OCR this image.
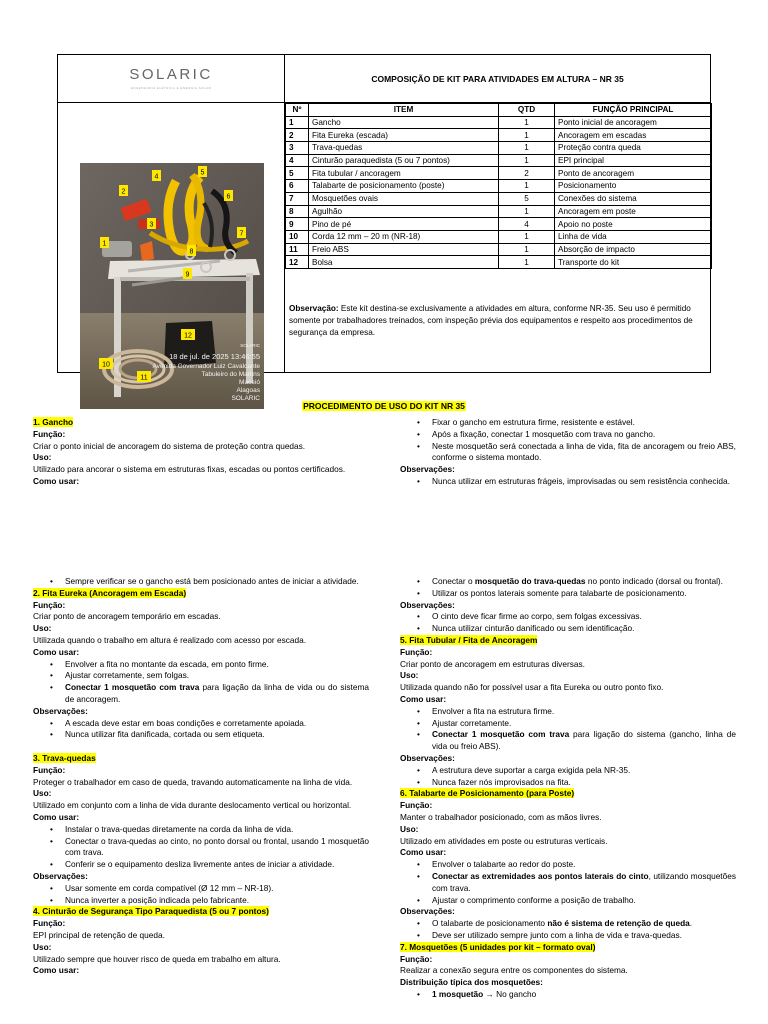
SOLARIC
ENGENHARIA ELÉTRICA E ENERGIA SOLAR
COMPOSIÇÃO DE KIT PARA ATIVIDADES EM ALTURA – NR 35
1
2
3
4
5
6
7
8
9
10
11
12
SOLARIC
18 de jul. de 2025 13:46:55
Avenida Governador Luiz Cavalcante
Tabuleiro do Martins
Maceió
Alagoas
SOLARIC
Nº	ITEM	QTD	FUNÇÃO PRINCIPAL
1	Gancho	1	Ponto inicial de ancoragem
2	Fita Eureka (escada)	1	Ancoragem em escadas
3	Trava-quedas	1	Proteção contra queda
4	Cinturão paraquedista (5 ou 7 pontos)	1	EPI principal
5	Fita tubular / ancoragem	2	Ponto de ancoragem
6	Talabarte de posicionamento (poste)	1	Posicionamento
7	Mosquetões ovais	5	Conexões do sistema
8	Agulhão	1	Ancoragem em poste
9	Pino de pé	4	Apoio no poste
10	Corda 12 mm – 20 m (NR-18)	1	Linha de vida
11	Freio ABS	1	Absorção de impacto
12	Bolsa	1	Transporte do kit
Observação: Este kit destina-se exclusivamente a atividades em altura, conforme NR-35. Seu uso é permitido somente por trabalhadores treinados, com inspeção prévia dos equipamentos e respeito aos procedimentos de segurança da empresa.
PROCEDIMENTO DE USO DO KIT NR 35
1. Gancho

Função:

Criar o ponto inicial de ancoragem do sistema de proteção contra quedas.

Uso:

Utilizado para ancorar o sistema em estruturas fixas, escadas ou pontos certificados.

Como usar:

• Fixar o gancho em estrutura firme, resistente e estável.
• Após a fixação, conectar 1 mosquetão com trava no gancho.
• Neste mosquetão será conectada a linha de vida, fita de ancoragem ou freio ABS, conforme o sistema montado.

Observações:

• Nunca utilizar em estruturas frágeis, improvisadas ou sem resistência conhecida.
• Sempre verificar se o gancho está bem posicionado antes de iniciar a atividade.
2. Fita Eureka (Ancoragem em Escada)

Função:

Criar ponto de ancoragem temporário em escadas.

Uso:

Utilizada quando o trabalho em altura é realizado com acesso por escada.

Como usar:

• Envolver a fita no montante da escada, em ponto firme.
• Ajustar corretamente, sem folgas.
• Conectar 1 mosquetão com trava para ligação da linha de vida ou do sistema de ancoragem.

Observações:

• A escada deve estar em boas condições e corretamente apoiada.
• Nunca utilizar fita danificada, cortada ou sem etiqueta.
3. Trava-quedas

Função:

Proteger o trabalhador em caso de queda, travando automaticamente na linha de vida.

Uso:

Utilizado em conjunto com a linha de vida durante deslocamento vertical ou horizontal.

Como usar:

• Instalar o trava-quedas diretamente na corda da linha de vida.
• Conectar o trava-quedas ao cinto, no ponto dorsal ou frontal, usando 1 mosquetão com trava.
• Conferir se o equipamento desliza livremente antes de iniciar a atividade.

Observações:

• Usar somente em corda compatível (Ø 12 mm – NR-18).
• Nunca inverter a posição indicada pelo fabricante.
4. Cinturão de Segurança Tipo Paraquedista (5 ou 7 pontos)

Função:

EPI principal de retenção de queda.

Uso:

Utilizado sempre que houver risco de queda em trabalho em altura.

Como usar:

• Conectar o mosquetão do trava-quedas no ponto indicado (dorsal ou frontal).
• Utilizar os pontos laterais somente para talabarte de posicionamento.

Observações:

• O cinto deve ficar firme ao corpo, sem folgas excessivas.
• Nunca utilizar cinturão danificado ou sem identificação.
5. Fita Tubular / Fita de Ancoragem

Função:

Criar ponto de ancoragem em estruturas diversas.

Uso:

Utilizada quando não for possível usar a fita Eureka ou outro ponto fixo.

Como usar:

• Envolver a fita na estrutura firme.
• Ajustar corretamente.
• Conectar 1 mosquetão com trava para ligação do sistema (gancho, linha de vida ou freio ABS).

Observações:

• A estrutura deve suportar a carga exigida pela NR-35.
• Nunca fazer nós improvisados na fita.
6. Talabarte de Posicionamento (para Poste)

Função:

Manter o trabalhador posicionado, com as mãos livres.

Uso:

Utilizado em atividades em poste ou estruturas verticais.

Como usar:

• Envolver o talabarte ao redor do poste.
• Conectar as extremidades aos pontos laterais do cinto, utilizando mosquetões com trava.
• Ajustar o comprimento conforme a posição de trabalho.

Observações:

• O talabarte de posicionamento não é sistema de retenção de queda.
• Deve ser utilizado sempre junto com a linha de vida e trava-quedas.
7. Mosquetões (5 unidades por kit – formato oval)

Função:

Realizar a conexão segura entre os componentes do sistema.

Distribuição típica dos mosquetões:

• 1 mosquetão → No gancho
